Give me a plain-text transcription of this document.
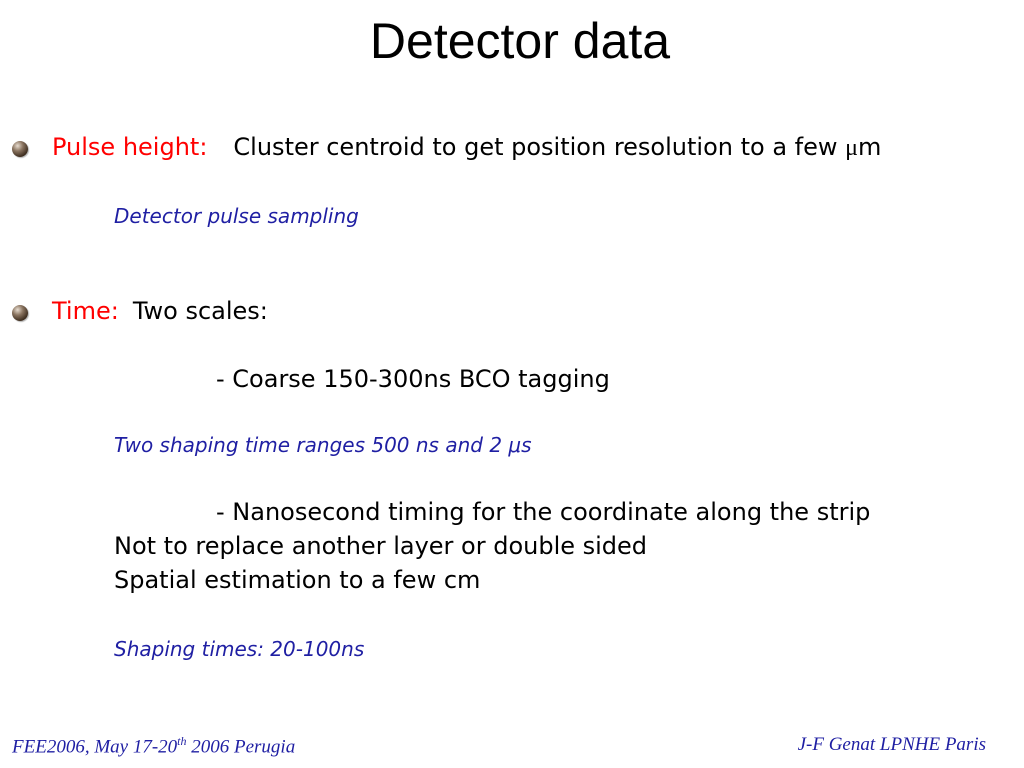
Detector data
Pulse height: Cluster centroid to get position resolution to a few μm
Detector pulse sampling
Time: Two scales:
- Coarse 150-300ns BCO tagging
Two shaping time ranges 500 ns and 2 μs
- Nanosecond timing for the coordinate along the strip
Not to replace another layer or double sided
Spatial estimation to a few cm
Shaping times: 20-100ns
FEE2006, May 17-20th 2006 Perugia	J-F Genat LPNHE Paris
